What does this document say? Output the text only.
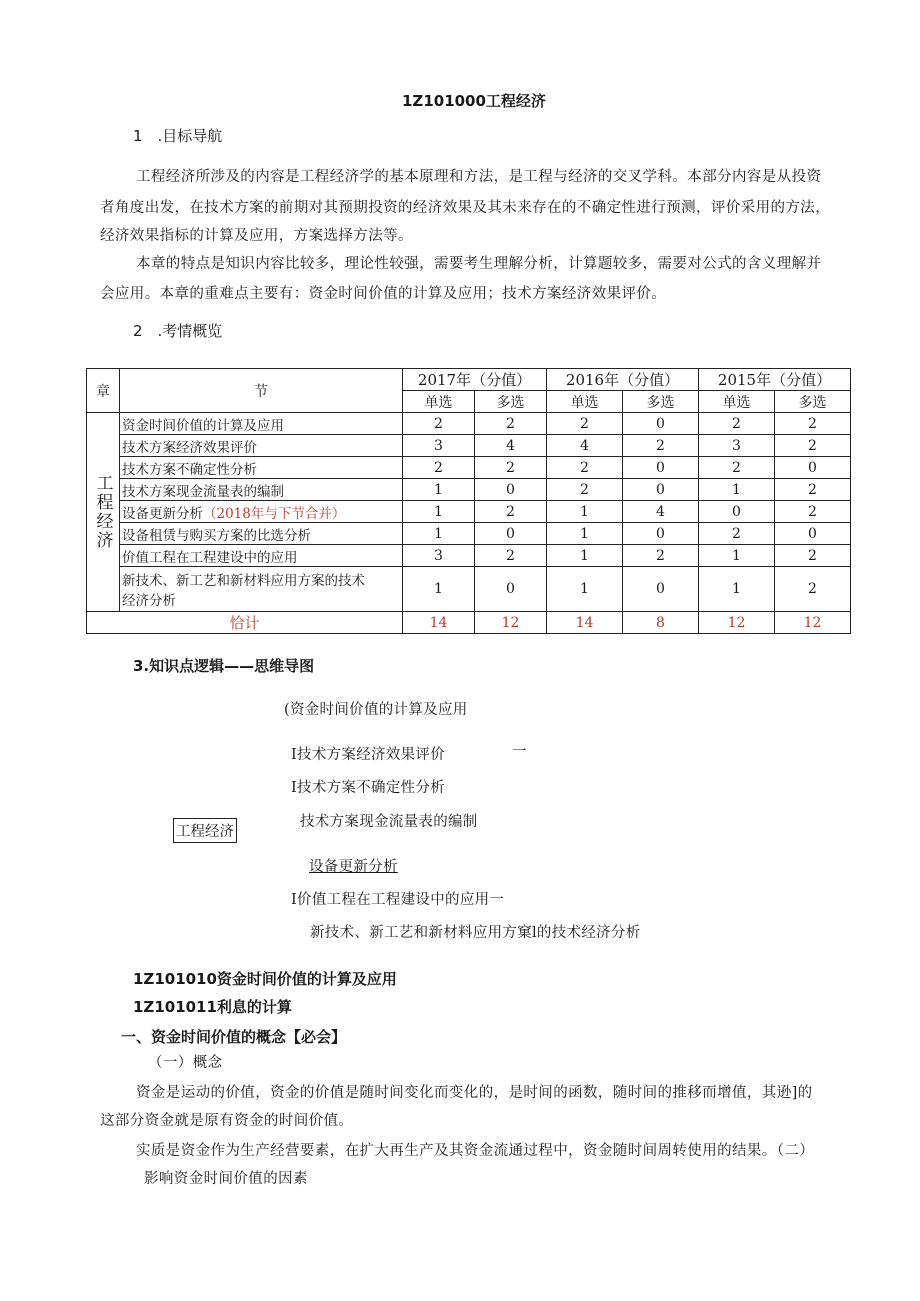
1Z101000工程经济
1　.目标导航
工程经济所涉及的内容是工程经济学的基本原理和方法，是工程与经济的交叉学科。本部分内容是从投资
者角度出发，在技术方案的前期对其预期投资的经济效果及其未来存在的不确定性进行预测，评价采用的方法，
经济效果指标的计算及应用，方案选择方法等。
本章的特点是知识内容比较多，理论性较强，需要考生理解分析，计算题较多，需要对公式的含义理解并
会应用。本章的重难点主要有：资金时间价值的计算及应用；技术方案经济效果评价。
2　.考情概览
章	节	2017年（分值）		2016年（分值）		2015年（分值）	
		单选	多选	单选	多选	单选	多选
工程经济	资金时间价值的计算及应用	2	2	2	0	2	2
	技术方案经济效果评价	3	4	4	2	3	2
	技术方案不确定性分析	2	2	2	0	2	0
	技术方案现金流量表的编制	1	0	2	0	1	2
	设备更新分析（2018年与下节合并）	1	2	1	4	0	2
	设备租赁与购买方案的比选分析	1	0	1	0	2	0
	价值工程在工程建设中的应用	3	2	1	2	1	2

	新技术、新工艺和新材料应用方案的技术
经济分析	1	0	1	0	1	2
恰计		14	12	14	8	12	12
3.知识点逻辑——思维导图
(资金时间价值的计算及应用
I技术方案经济效果评价	一
I技术方案不确定性分析
技术方案现金流量表的编制
工程经济
设备更新分析
I价值工程在工程建设中的应用一
新技术、新工艺和新材料应用方窠l的技术经济分析
1Z101010资金时间价值的计算及应用
1Z101011利息的计算
一、资金时间价值的概念【必会】
（一）概念
资金是运动的价值，资金的价值是随时间变化而变化的，是时间的函数，随时间的推移而增值，其逊]的
这部分资金就是原有资金的时间价值。
实质是资金作为生产经营要素，在扩大再生产及其资金流通过程中，资金随时间周转使用的结果。（二）
影响资金时间价值的因素
